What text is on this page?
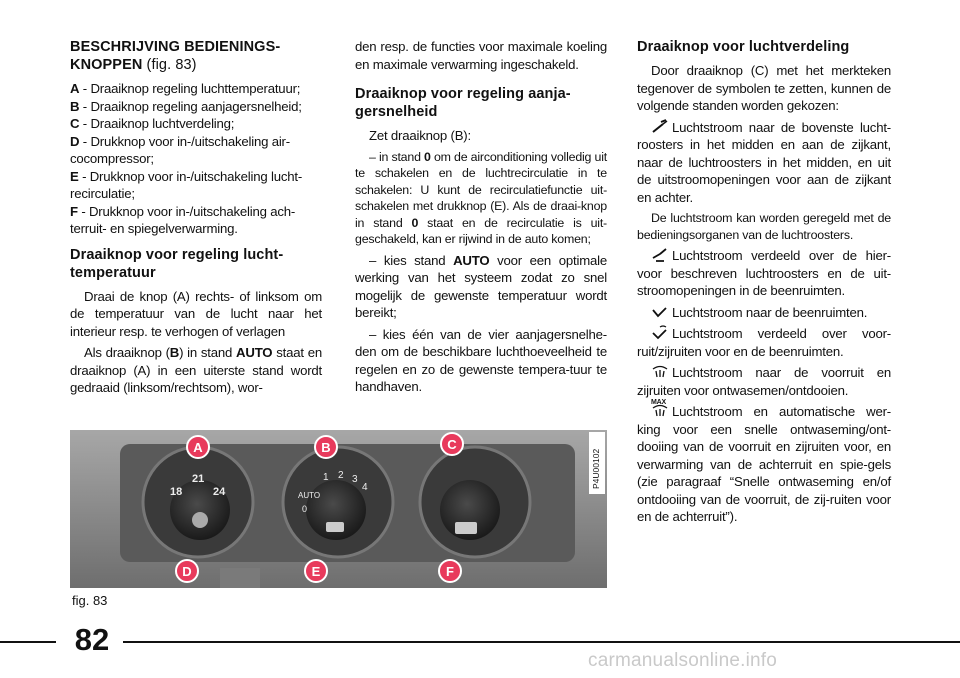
BESCHRIJVING BEDIENINGS-
KNOPPEN (fig. 83)

A - Draaiknop regeling luchttemperatuur;

B - Draaiknop regeling aanjagersnelheid;

C - Draaiknop luchtverdeling;

D - Drukknop voor in-/uitschakeling air-cocompressor;

E - Drukknop voor in-/uitschakeling lucht-recirculatie;

F - Drukknop voor in-/uitschakeling ach-terruit- en spiegelverwarming.

Draaiknop voor regeling lucht-temperatuur

Draai de knop (A) rechts- of linksom om de temperatuur van de lucht naar het interieur resp. te verhogen of verlagen

Als draaiknop (B) in stand AUTO staat en draaiknop (A) in een uiterste stand wordt gedraaid (linksom/rechtsom), wor-

den resp. de functies voor maximale koeling en maximale verwarming ingeschakeld.

Draaiknop voor regeling aanja-gersnelheid

Zet draaiknop (B):

– in stand 0 om de airconditioning volledig uit te schakelen en de luchtrecirculatie in te schakelen: U kunt de recirculatiefunctie uit-schakelen met drukknop (E). Als de draai-knop in stand 0 staat en de recirculatie is uit-geschakeld, kan er rijwind in de auto komen;

– kies stand AUTO voor een optimale werking van het systeem zodat zo snel mogelijk de gewenste temperatuur wordt bereikt;

– kies één van de vier aanjagersnelhe-den om de beschikbare luchthoeveelheid te regelen en zo de gewenste tempera-tuur te handhaven.

Draaiknop voor luchtverdeling

Door draaiknop (C) met het merkteken tegenover de symbolen te zetten, kunnen de volgende standen worden gekozen:

Luchtstroom naar de bovenste lucht-roosters in het midden en aan de zijkant, naar de luchtroosters in het midden, en uit de uitstroomopeningen voor aan de zijkant en achter.

De luchtstroom kan worden geregeld met de bedieningsorganen van de luchtroosters.

Luchtstroom verdeeld over de hier-voor beschreven luchtroosters en de uit-stroomopeningen in de beenruimten.

Luchtstroom naar de beenruimten.

Luchtstroom verdeeld over voor-ruit/zijruiten voor en de beenruimten.

Luchtstroom naar de voorruit en zijruiten voor ontwasemen/ontdooien.

MAX
Luchtstroom en automatische wer-king voor een snelle ontwaseming/ont-dooiing van de voorruit en zijruiten voor, en verwarming van de achterruit en spie-gels (zie paragraaf “Snelle ontwaseming en/of ontdooiing van de voorruit, de zij-ruiten voor en de achterruit”).

18
21
24
1 2 3
4
AUTO
0
A	B	C
D	E	F
P4U00102
fig. 83
82
carmanualsonline.info
